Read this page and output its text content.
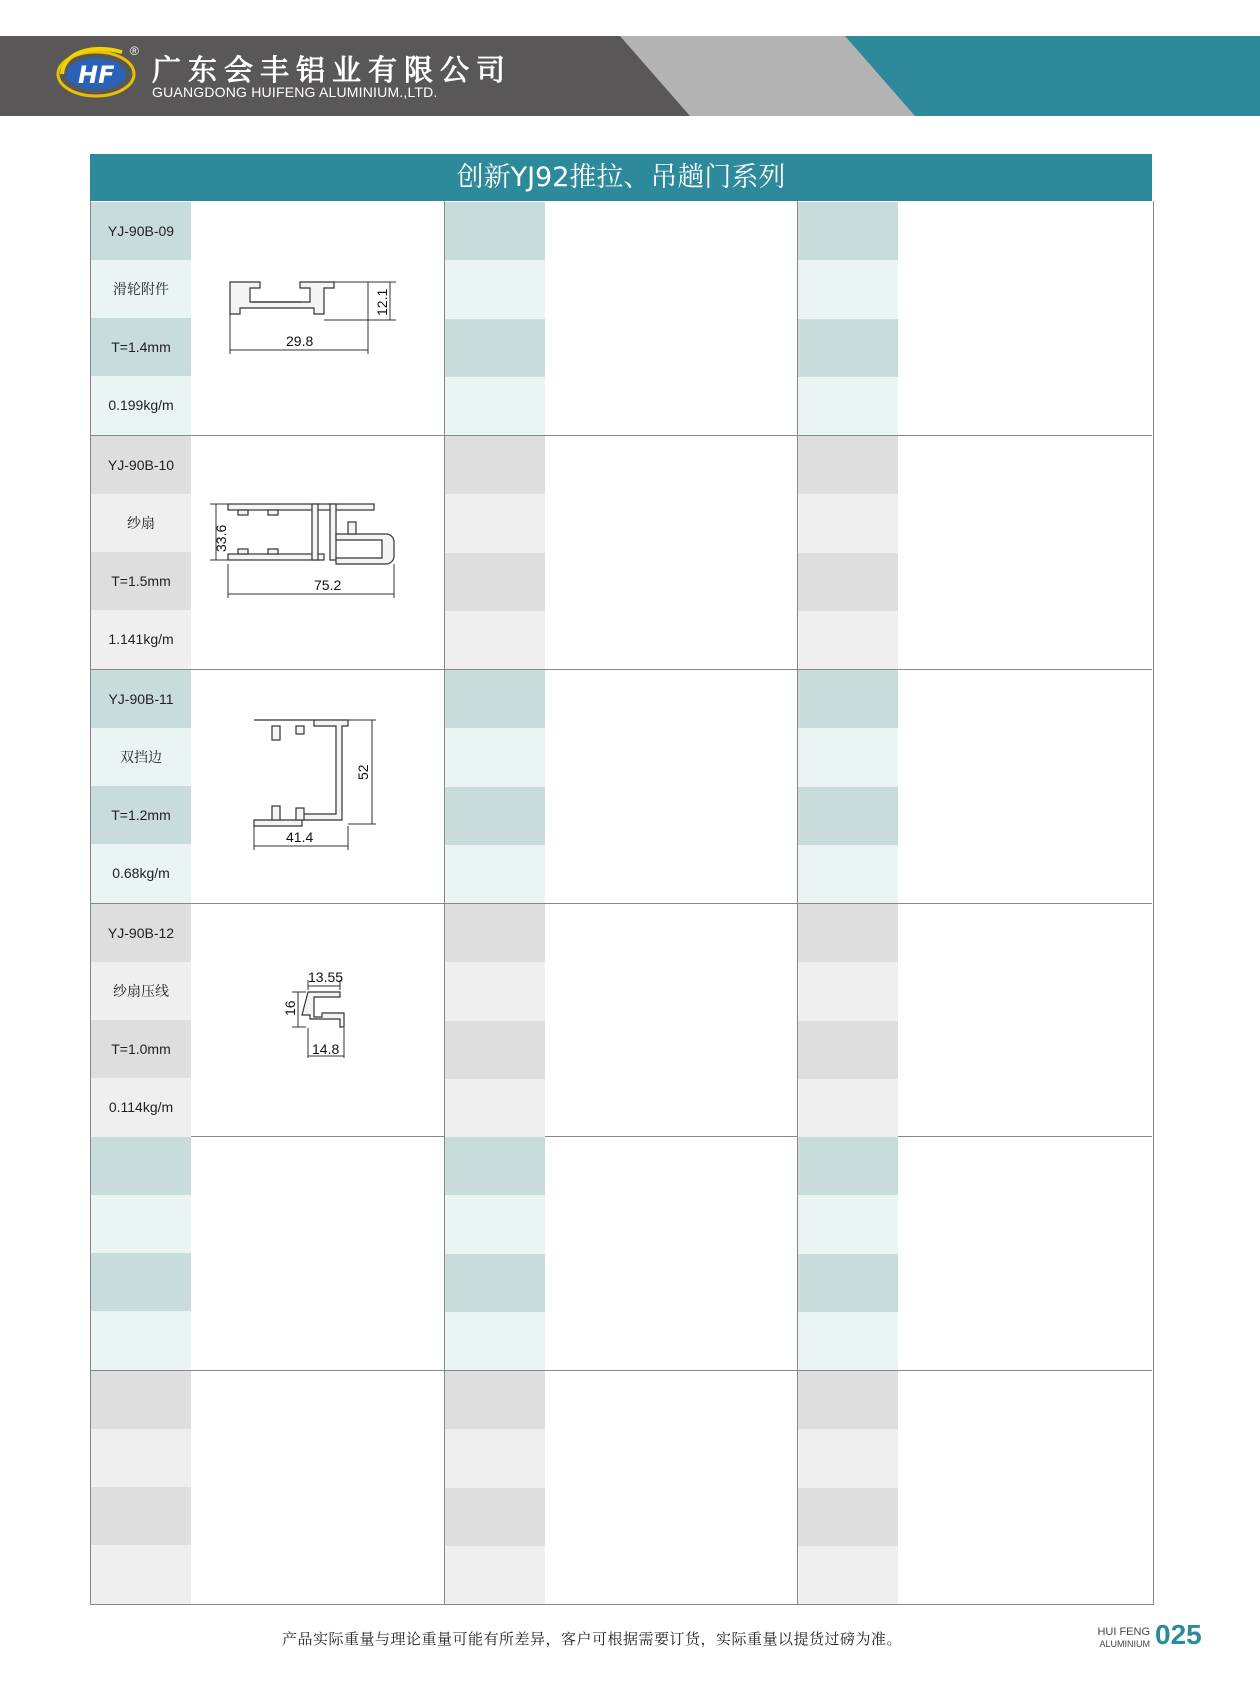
HF
®
广东会丰铝业有限公司
GUANGDONG HUIFENG ALUMINIUM.,LTD.
创新YJ92推拉、吊趟门系列
YJ-90B-09
滑轮附件
T=1.4mm
0.199kg/m
YJ-90B-10
纱扇
T=1.5mm
1.141kg/m
YJ-90B-11
双挡边
T=1.2mm
0.68kg/m
YJ-90B-12
纱扇压线
T=1.0mm
0.114kg/m
29.8
12.1
75.2
33.6
41.4
52
13.55
16
14.8
产品实际重量与理论重量可能有所差异，客户可根据需要订货，实际重量以提货过磅为准。	HUI FENG
ALUMINIUM 025
